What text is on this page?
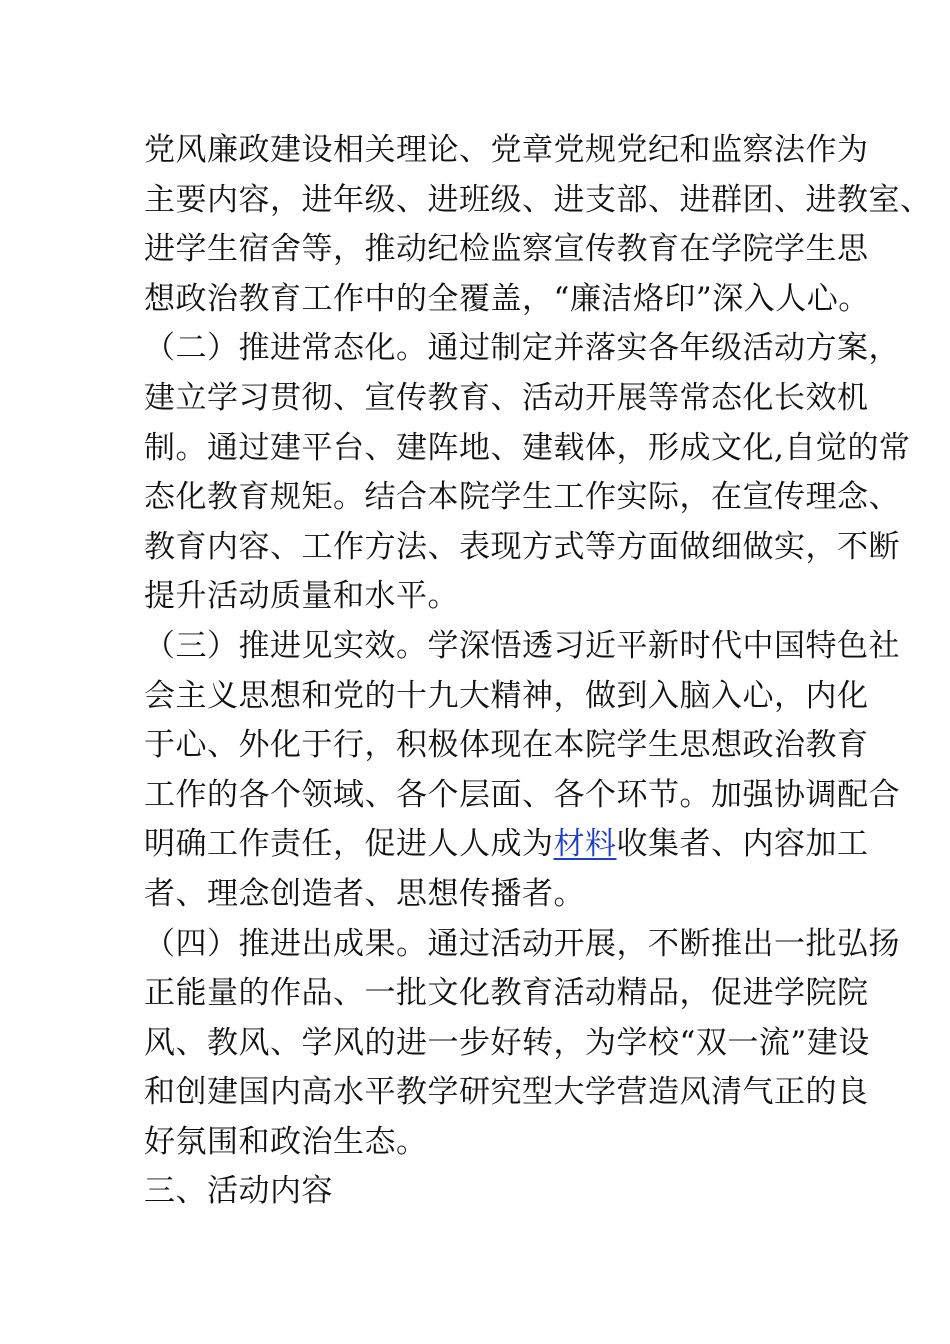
党风廉政建设相关理论、党章党规党纪和监察法作为
主要内容，进年级、进班级、进支部、进群团、进教室、
进学生宿舍等，推动纪检监察宣传教育在学院学生思
想政治教育工作中的全覆盖，“廉洁烙印”深入人心。
（二）推进常态化。通过制定并落实各年级活动方案，
建立学习贯彻、宣传教育、活动开展等常态化长效机
制。通过建平台、建阵地、建载体，形成文化,自觉的常
态化教育规矩。结合本院学生工作实际，在宣传理念、
教育内容、工作方法、表现方式等方面做细做实，不断
提升活动质量和水平。
（三）推进见实效。学深悟透习近平新时代中国特色社
会主义思想和党的十九大精神，做到入脑入心，内化
于心、外化于行，积极体现在本院学生思想政治教育
工作的各个领域、各个层面、各个环节。加强协调配合
明确工作责任，促进人人成为材料收集者、内容加工
者、理念创造者、思想传播者。
（四）推进出成果。通过活动开展，不断推出一批弘扬
正能量的作品、一批文化教育活动精品，促进学院院
风、教风、学风的进一步好转，为学校“双一流”建设
和创建国内高水平教学研究型大学营造风清气正的良
好氛围和政治生态。
三、活动内容
